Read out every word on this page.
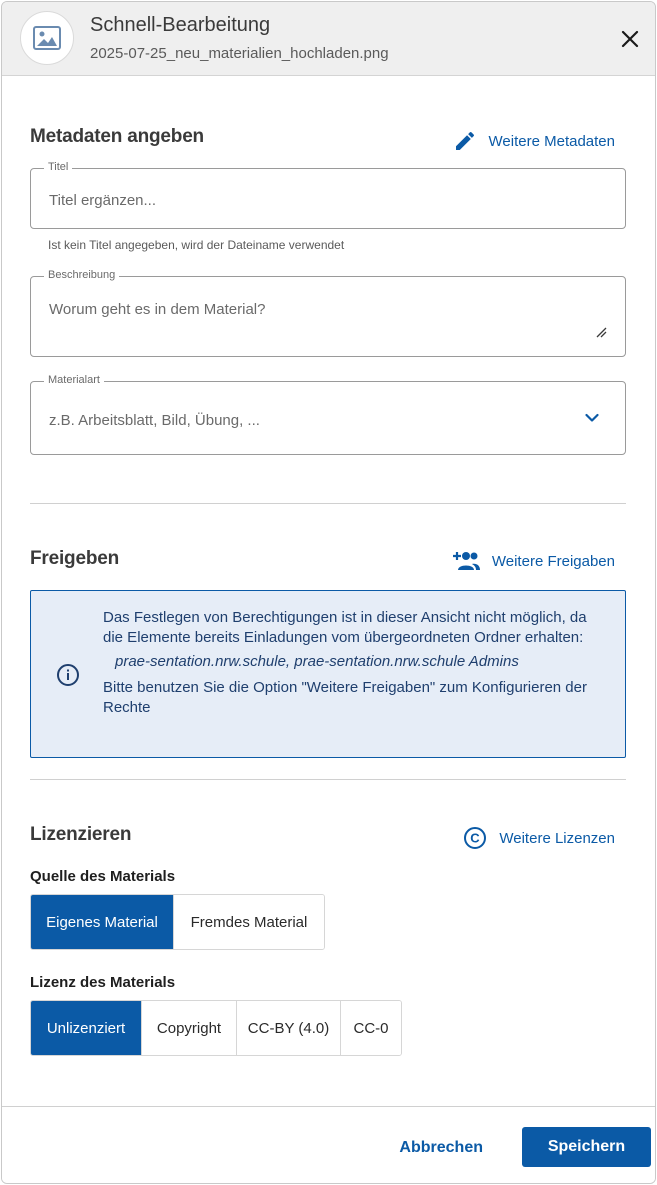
Schnell-Bearbeitung
2025-07-25_neu_materialien_hochladen.png
Metadaten angeben	Weitere Metadaten
Titel
Titel ergänzen...
Ist kein Titel angegeben, wird der Dateiname verwendet
Beschreibung
Worum geht es in dem Material?
Materialart
z.B. Arbeitsblatt, Bild, Übung, ...
Freigeben	Weitere Freigaben
Das Festlegen von Berechtigungen ist in dieser Ansicht nicht möglich, da die Elemente bereits Einladungen vom übergeordneten Ordner erhalten:
prae-sentation.nrw.schule, prae-sentation.nrw.schule Admins
Bitte benutzen Sie die Option "Weitere Freigaben" zum Konfigurieren der Rechte
Lizenzieren	C Weitere Lizenzen
Quelle des Materials
Eigenes Material	Fremdes Material
Lizenz des Materials
Unlizenziert	Copyright	CC-BY (4.0)	CC-0
Abbrechen	Speichern
